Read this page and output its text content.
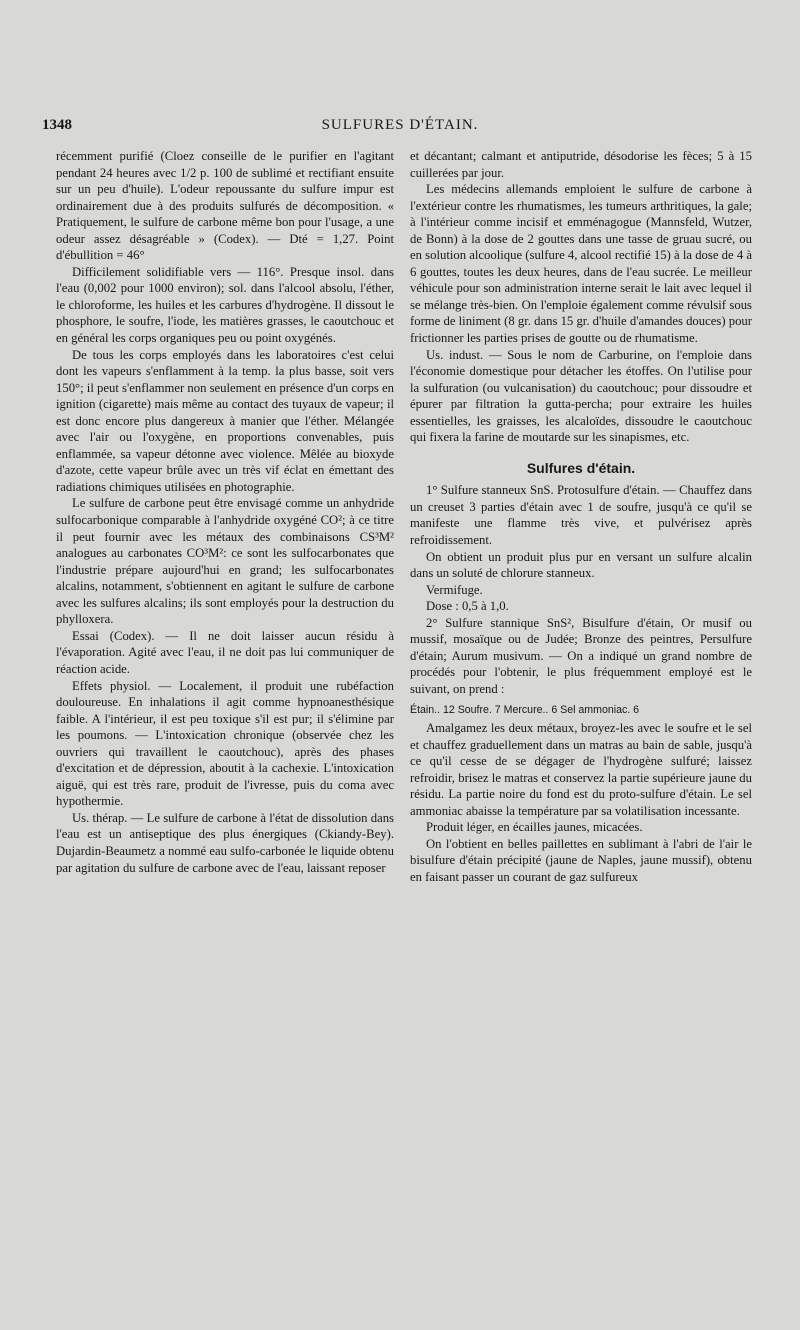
1348	SULFURES D'ÉTAIN.

récemment purifié (Cloez conseille de le purifier en l'agitant pendant 24 heures avec 1/2 p. 100 de sublimé et rectifiant ensuite sur un peu d'huile). L'odeur repoussante du sulfure impur est ordinairement due à des produits sulfurés de décomposition. « Pratiquement, le sulfure de carbone même bon pour l'usage, a une odeur assez désagréable » (Codex). — Dté = 1,27. Point d'ébullition = 46°

Difficilement solidifiable vers — 116°. Presque insol. dans l'eau (0,002 pour 1000 environ); sol. dans l'alcool absolu, l'éther, le chloroforme, les huiles et les carbures d'hydrogène. Il dissout le phosphore, le soufre, l'iode, les matières grasses, le caoutchouc et en général les corps organiques peu ou point oxygénés.

De tous les corps employés dans les laboratoires c'est celui dont les vapeurs s'enflamment à la temp. la plus basse, soit vers 150°; il peut s'enflammer non seulement en présence d'un corps en ignition (cigarette) mais même au contact des tuyaux de vapeur; il est donc encore plus dangereux à manier que l'éther. Mélangée avec l'air ou l'oxygène, en proportions convenables, puis enflammée, sa vapeur détonne avec violence. Mêlée au bioxyde d'azote, cette vapeur brûle avec un très vif éclat en émettant des radiations chimiques utilisées en photographie.

Le sulfure de carbone peut être envisagé comme un anhydride sulfocarbonique comparable à l'anhydride oxygéné CO²; à ce titre il peut fournir avec les métaux des combinaisons CS³M² analogues au carbonates CO³M²: ce sont les sulfocarbonates que l'industrie prépare aujourd'hui en grand; les sulfocarbonates alcalins, notamment, s'obtiennent en agitant le sulfure de carbone avec les sulfures alcalins; ils sont employés pour la destruction du phylloxera.

Essai (Codex). — Il ne doit laisser aucun résidu à l'évaporation. Agité avec l'eau, il ne doit pas lui communiquer de réaction acide.

Effets physiol. — Localement, il produit une rubéfaction douloureuse. En inhalations il agit comme hypnoanesthésique faible. A l'intérieur, il est peu toxique s'il est pur; il s'élimine par les poumons. — L'intoxication chronique (observée chez les ouvriers qui travaillent le caoutchouc), après des phases d'excitation et de dépression, aboutit à la cachexie. L'intoxication aiguë, qui est très rare, produit de l'ivresse, puis du coma avec hypothermie.

Us. thérap. — Le sulfure de carbone à l'état de dissolution dans l'eau est un antiseptique des plus énergiques (Ckiandy-Bey). Dujardin-Beaumetz a nommé eau sulfo-carbonée le liquide obtenu par agitation du sulfure de carbone avec de l'eau, laissant reposer

et décantant; calmant et antiputride, désodorise les fèces; 5 à 15 cuillerées par jour.

Les médecins allemands emploient le sulfure de carbone à l'extérieur contre les rhumatismes, les tumeurs arthritiques, la gale; à l'intérieur comme incisif et emménagogue (Mannsfeld, Wutzer, de Bonn) à la dose de 2 gouttes dans une tasse de gruau sucré, ou en solution alcoolique (sulfure 4, alcool rectifié 15) à la dose de 4 à 6 gouttes, toutes les deux heures, dans de l'eau sucrée. Le meilleur véhicule pour son administration interne serait le lait avec lequel il se mélange très-bien. On l'emploie également comme révulsif sous forme de liniment (8 gr. dans 15 gr. d'huile d'amandes douces) pour frictionner les parties prises de goutte ou de rhumatisme.

Us. indust. — Sous le nom de Carburine, on l'emploie dans l'économie domestique pour détacher les étoffes. On l'utilise pour la sulfuration (ou vulcanisation) du caoutchouc; pour dissoudre et épurer par filtration la gutta-percha; pour extraire les huiles essentielles, les graisses, les alcaloïdes, dissoudre le caoutchouc qui fixera la farine de moutarde sur les sinapismes, etc.

Sulfures d'étain.

1° Sulfure stanneux SnS. Protosulfure d'étain. — Chauffez dans un creuset 3 parties d'étain avec 1 de soufre, jusqu'à ce qu'il se manifeste une flamme très vive, et pulvérisez après refroidissement.

On obtient un produit plus pur en versant un sulfure alcalin dans un soluté de chlorure stanneux.

Vermifuge.

Dose : 0,5 à 1,0.

2° Sulfure stannique SnS², Bisulfure d'étain, Or musif ou mussif, mosaïque ou de Judée; Bronze des peintres, Persulfure d'étain; Aurum musivum. — On a indiqué un grand nombre de procédés pour l'obtenir, le plus fréquemment employé est le suivant, on prend :

Étain.. 12 Soufre. 7 Mercure.. 6 Sel ammoniac. 6

Amalgamez les deux métaux, broyez-les avec le soufre et le sel et chauffez graduellement dans un matras au bain de sable, jusqu'à ce qu'il cesse de se dégager de l'hydrogène sulfuré; laissez refroidir, brisez le matras et conservez la partie supérieure jaune du résidu. La partie noire du fond est du proto-sulfure d'étain. Le sel ammoniac abaisse la température par sa volatilisation incessante.

Produit léger, en écailles jaunes, micacées.

On l'obtient en belles paillettes en sublimant à l'abri de l'air le bisulfure d'étain précipité (jaune de Naples, jaune mussif), obtenu en faisant passer un courant de gaz sulfureux
